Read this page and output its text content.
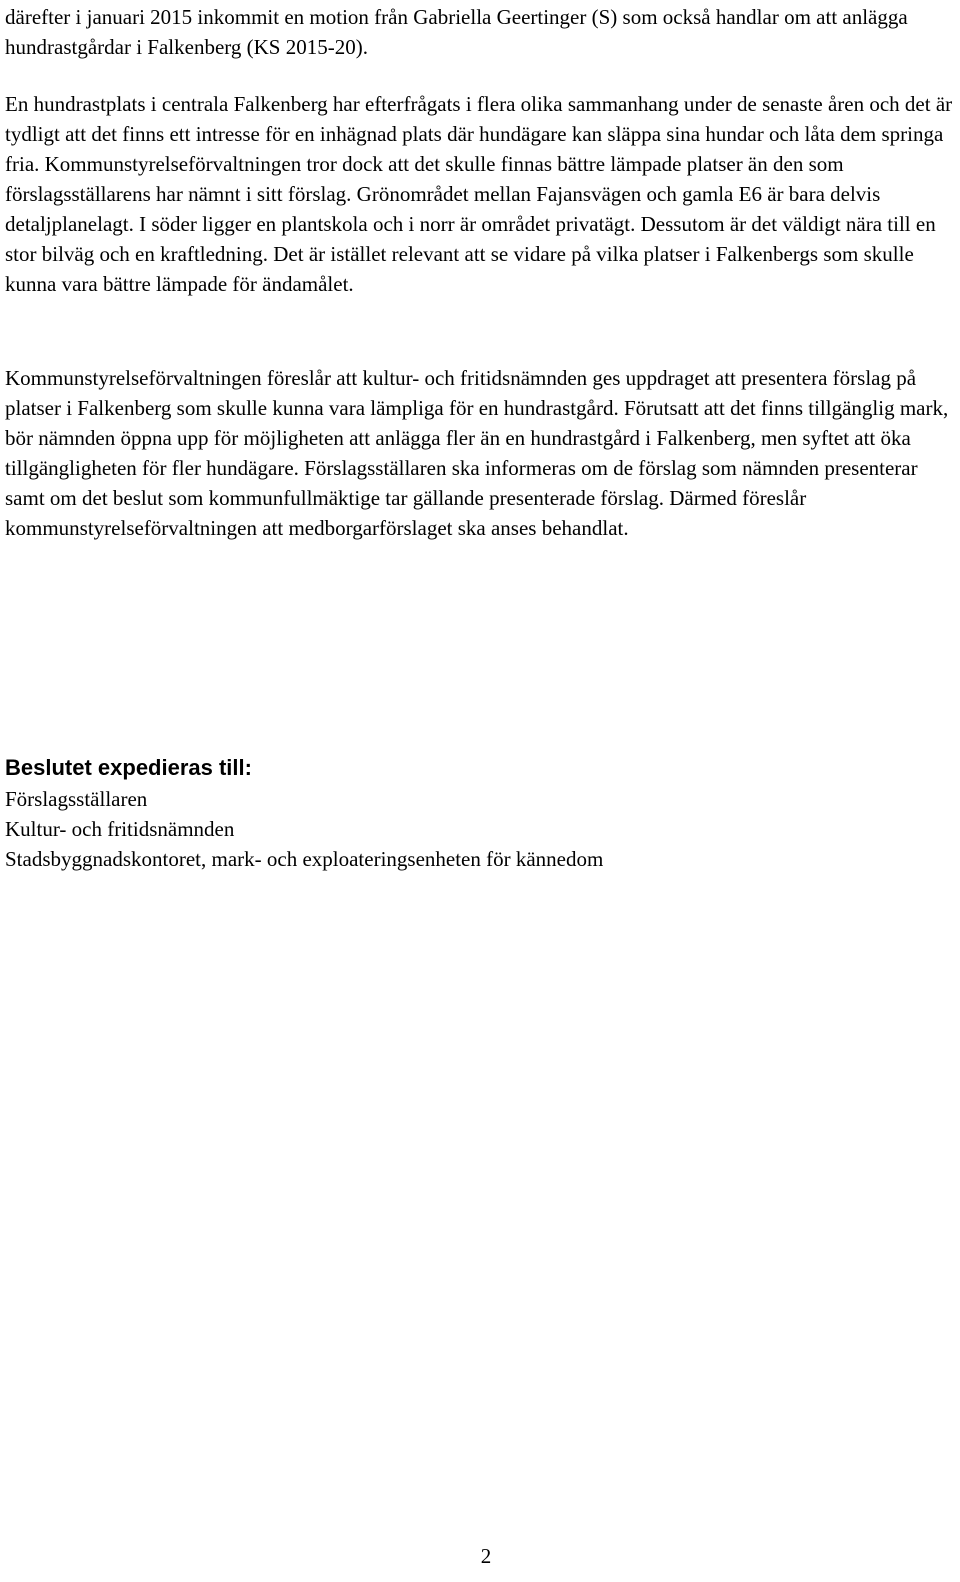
därefter i januari 2015 inkommit en motion från Gabriella Geertinger (S) som också handlar om att anlägga hundrastgårdar i Falkenberg (KS 2015-20).

En hundrastplats i centrala Falkenberg har efterfrågats i flera olika sammanhang under de senaste åren och det är tydligt att det finns ett intresse för en inhägnad plats där hundägare kan släppa sina hundar och låta dem springa fria. Kommunstyrelseförvaltningen tror dock att det skulle finnas bättre lämpade platser än den som förslagsställarens har nämnt i sitt förslag. Grönområdet mellan Fajansvägen och gamla E6 är bara delvis detaljplanelagt. I söder ligger en plantskola och i norr är området privatägt. Dessutom är det väldigt nära till en stor bilväg och en kraftledning. Det är istället relevant att se vidare på vilka platser i Falkenbergs som skulle kunna vara bättre lämpade för ändamålet.

Kommunstyrelseförvaltningen föreslår att kultur- och fritidsnämnden ges uppdraget att presentera förslag på platser i Falkenberg som skulle kunna vara lämpliga för en hundrastgård. Förutsatt att det finns tillgänglig mark, bör nämnden öppna upp för möjligheten att anlägga fler än en hundrastgård i Falkenberg, men syftet att öka tillgängligheten för fler hundägare. Förslagsställaren ska informeras om de förslag som nämnden presenterar samt om det beslut som kommunfullmäktige tar gällande presenterade förslag. Därmed föreslår kommunstyrelseförvaltningen att medborgarförslaget ska anses behandlat.

Beslutet expedieras till:
Förslagsställaren
Kultur- och fritidsnämnden
Stadsbyggnadskontoret, mark- och exploateringsenheten för kännedom
2
